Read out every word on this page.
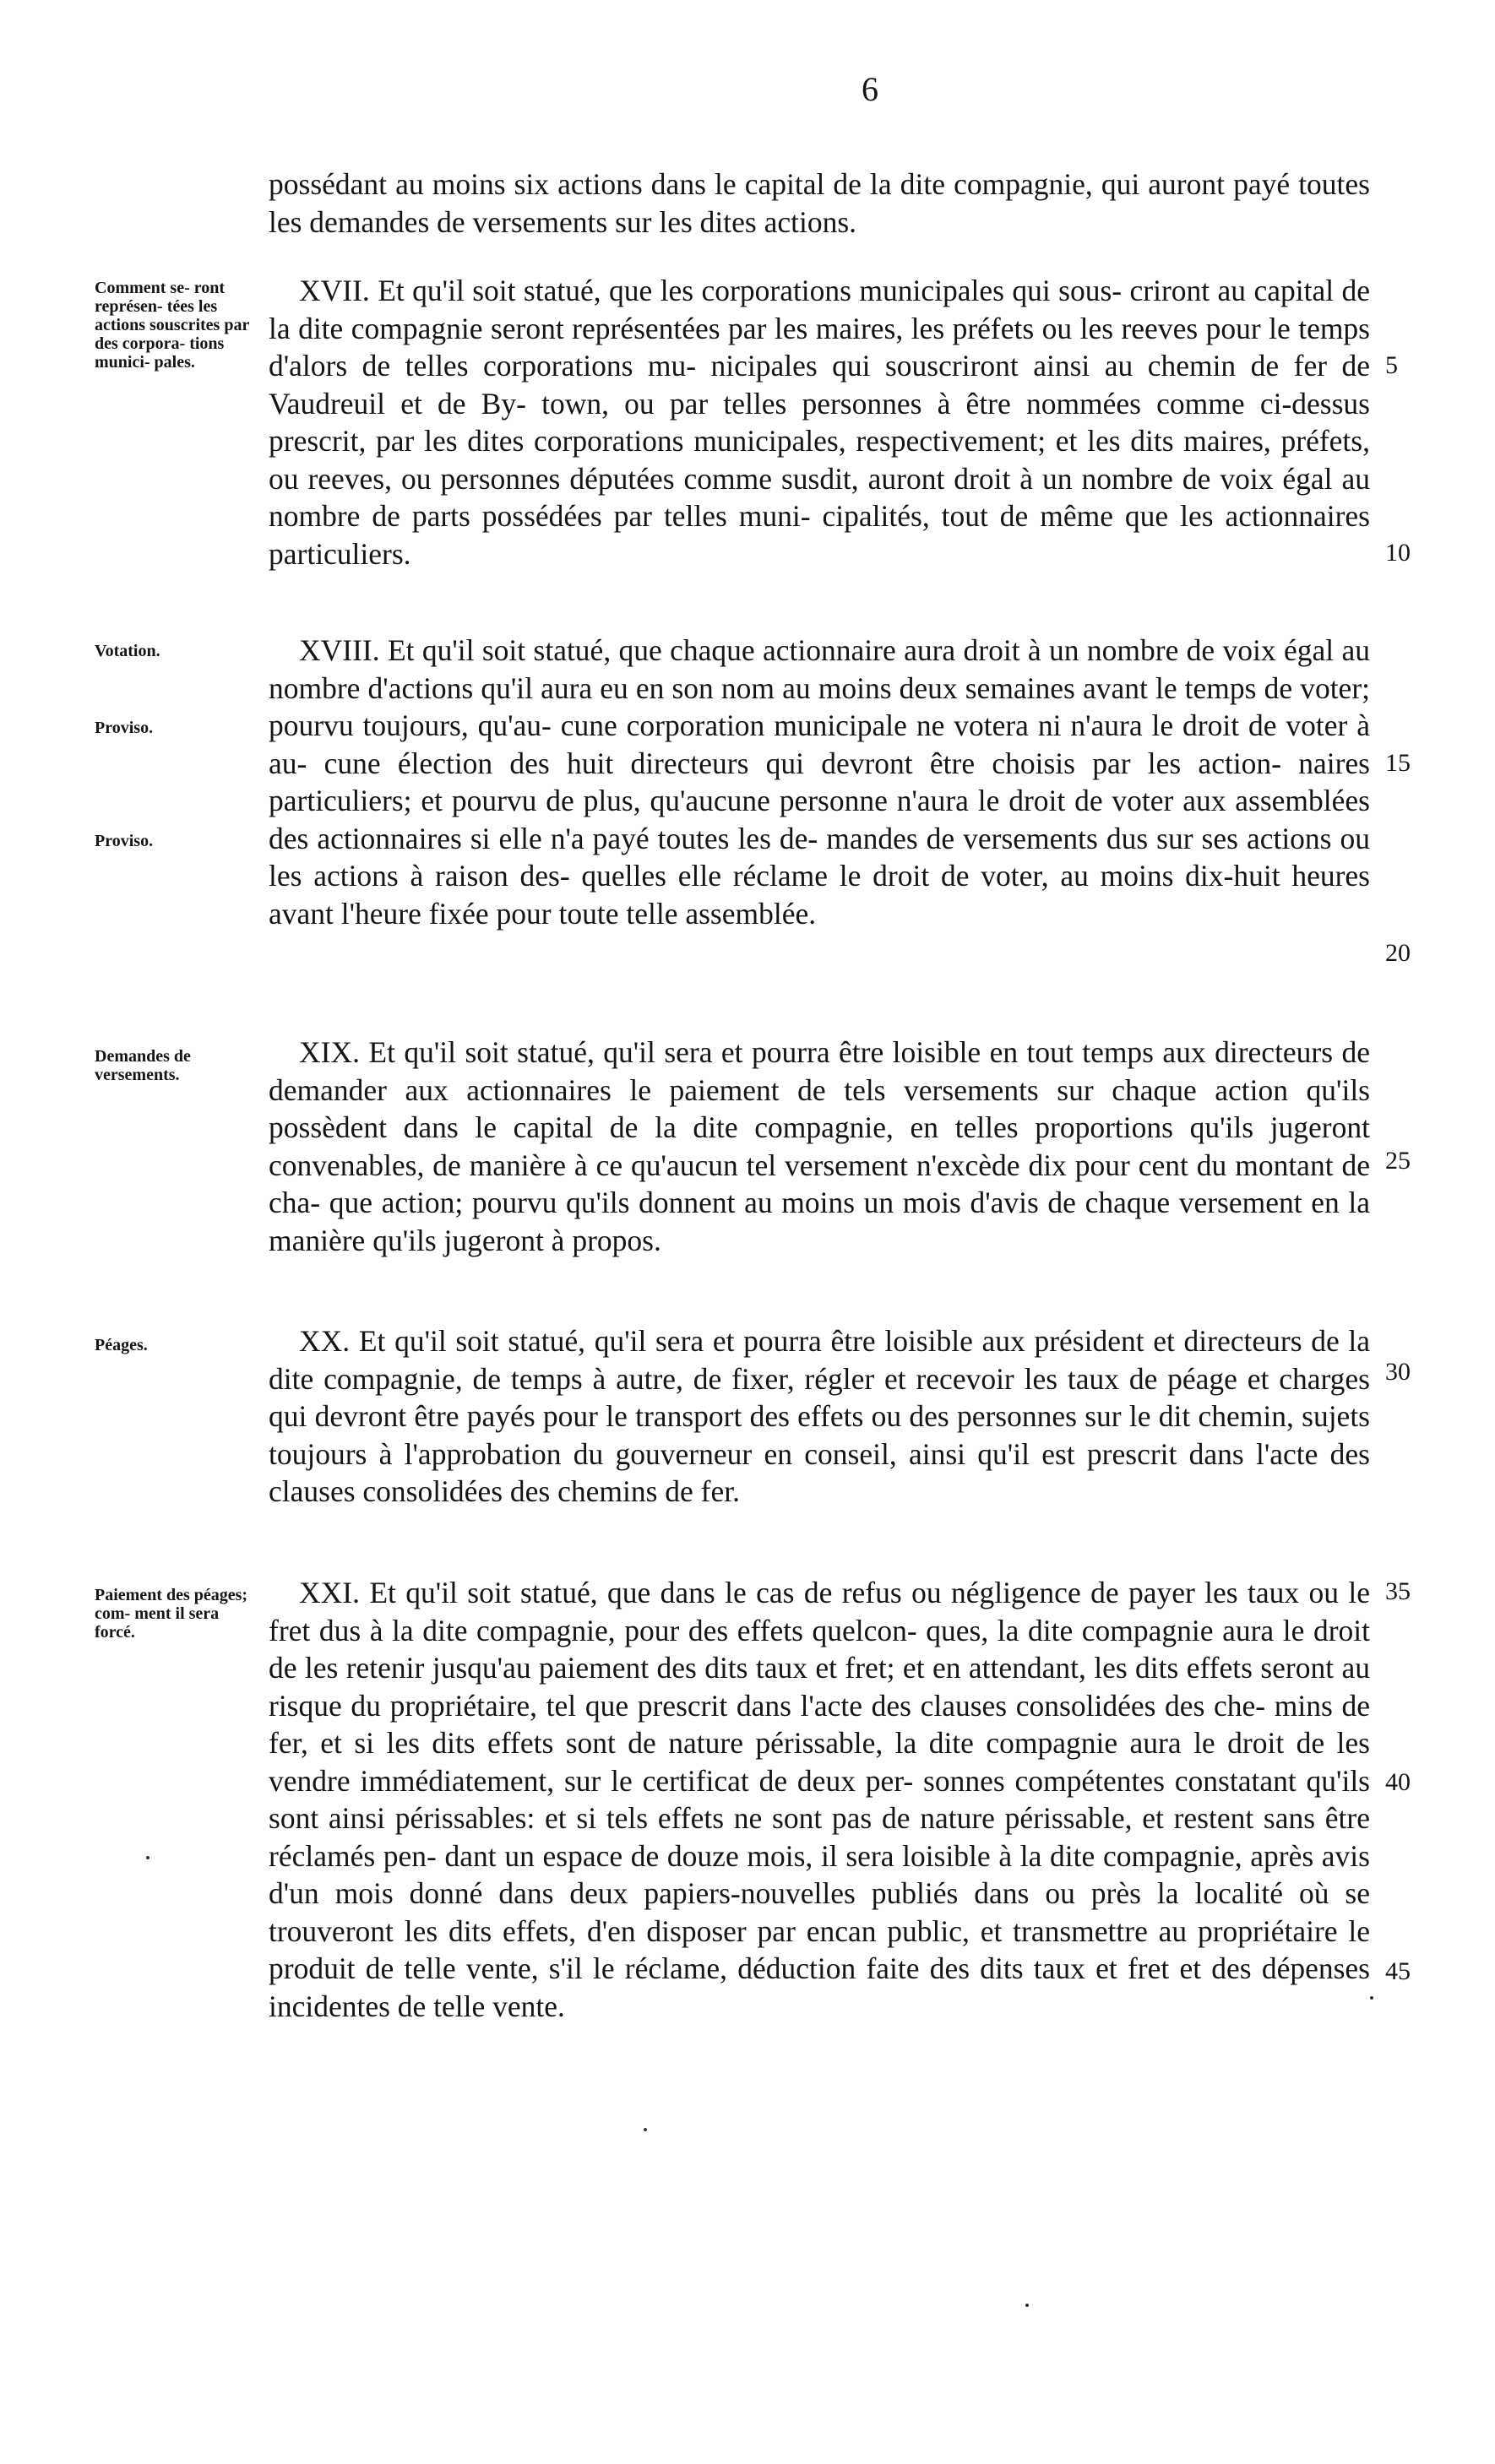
6
possédant au moins six actions dans le capital de la dite compagnie, qui auront payé toutes les demandes de versements sur les dites actions.
Comment se- ront représen- tées les actions souscrites par des corpora- tions munici- pales.
XVII. Et qu'il soit statué, que les corporations municipales qui sous- criront au capital de la dite compagnie seront représentées par les maires, les préfets ou les reeves pour le temps d'alors de telles corporations mu- nicipales qui souscriront ainsi au chemin de fer de Vaudreuil et de By- town, ou par telles personnes à être nommées comme ci-dessus prescrit, par les dites corporations municipales, respectivement; et les dits maires, préfets, ou reeves, ou personnes députées comme susdit, auront droit à un nombre de voix égal au nombre de parts possédées par telles muni- cipalités, tout de même que les actionnaires particuliers.
Votation.
Proviso.
Proviso.
XVIII. Et qu'il soit statué, que chaque actionnaire aura droit à un nombre de voix égal au nombre d'actions qu'il aura eu en son nom au moins deux semaines avant le temps de voter; pourvu toujours, qu'au- cune corporation municipale ne votera ni n'aura le droit de voter à au- cune élection des huit directeurs qui devront être choisis par les action- naires particuliers; et pourvu de plus, qu'aucune personne n'aura le droit de voter aux assemblées des actionnaires si elle n'a payé toutes les de- mandes de versements dus sur ses actions ou les actions à raison des- quelles elle réclame le droit de voter, au moins dix-huit heures avant l'heure fixée pour toute telle assemblée.
Demandes de versements.
XIX. Et qu'il soit statué, qu'il sera et pourra être loisible en tout temps aux directeurs de demander aux actionnaires le paiement de tels versements sur chaque action qu'ils possèdent dans le capital de la dite compagnie, en telles proportions qu'ils jugeront convenables, de manière à ce qu'aucun tel versement n'excède dix pour cent du montant de cha- que action; pourvu qu'ils donnent au moins un mois d'avis de chaque versement en la manière qu'ils jugeront à propos.
Péages.	XX. Et qu'il soit statué, qu'il sera et pourra être loisible aux président et directeurs de la dite compagnie, de temps à autre, de fixer, régler et recevoir les taux de péage et charges qui devront être payés pour le transport des effets ou des personnes sur le dit chemin, sujets toujours à l'approbation du gouverneur en conseil, ainsi qu'il est prescrit dans l'acte des clauses consolidées des chemins de fer.
Paiement des péages; com- ment il sera forcé.
XXI. Et qu'il soit statué, que dans le cas de refus ou négligence de payer les taux ou le fret dus à la dite compagnie, pour des effets quelcon- ques, la dite compagnie aura le droit de les retenir jusqu'au paiement des dits taux et fret; et en attendant, les dits effets seront au risque du propriétaire, tel que prescrit dans l'acte des clauses consolidées des che- mins de fer, et si les dits effets sont de nature périssable, la dite compagnie aura le droit de les vendre immédiatement, sur le certificat de deux per- sonnes compétentes constatant qu'ils sont ainsi périssables: et si tels effets ne sont pas de nature périssable, et restent sans être réclamés pen- dant un espace de douze mois, il sera loisible à la dite compagnie, après avis d'un mois donné dans deux papiers-nouvelles publiés dans ou près la localité où se trouveront les dits effets, d'en disposer par encan public, et transmettre au propriétaire le produit de telle vente, s'il le réclame, déduction faite des dits taux et fret et des dépenses incidentes de telle vente.
5
10
15
20
25
30
35
40
45
